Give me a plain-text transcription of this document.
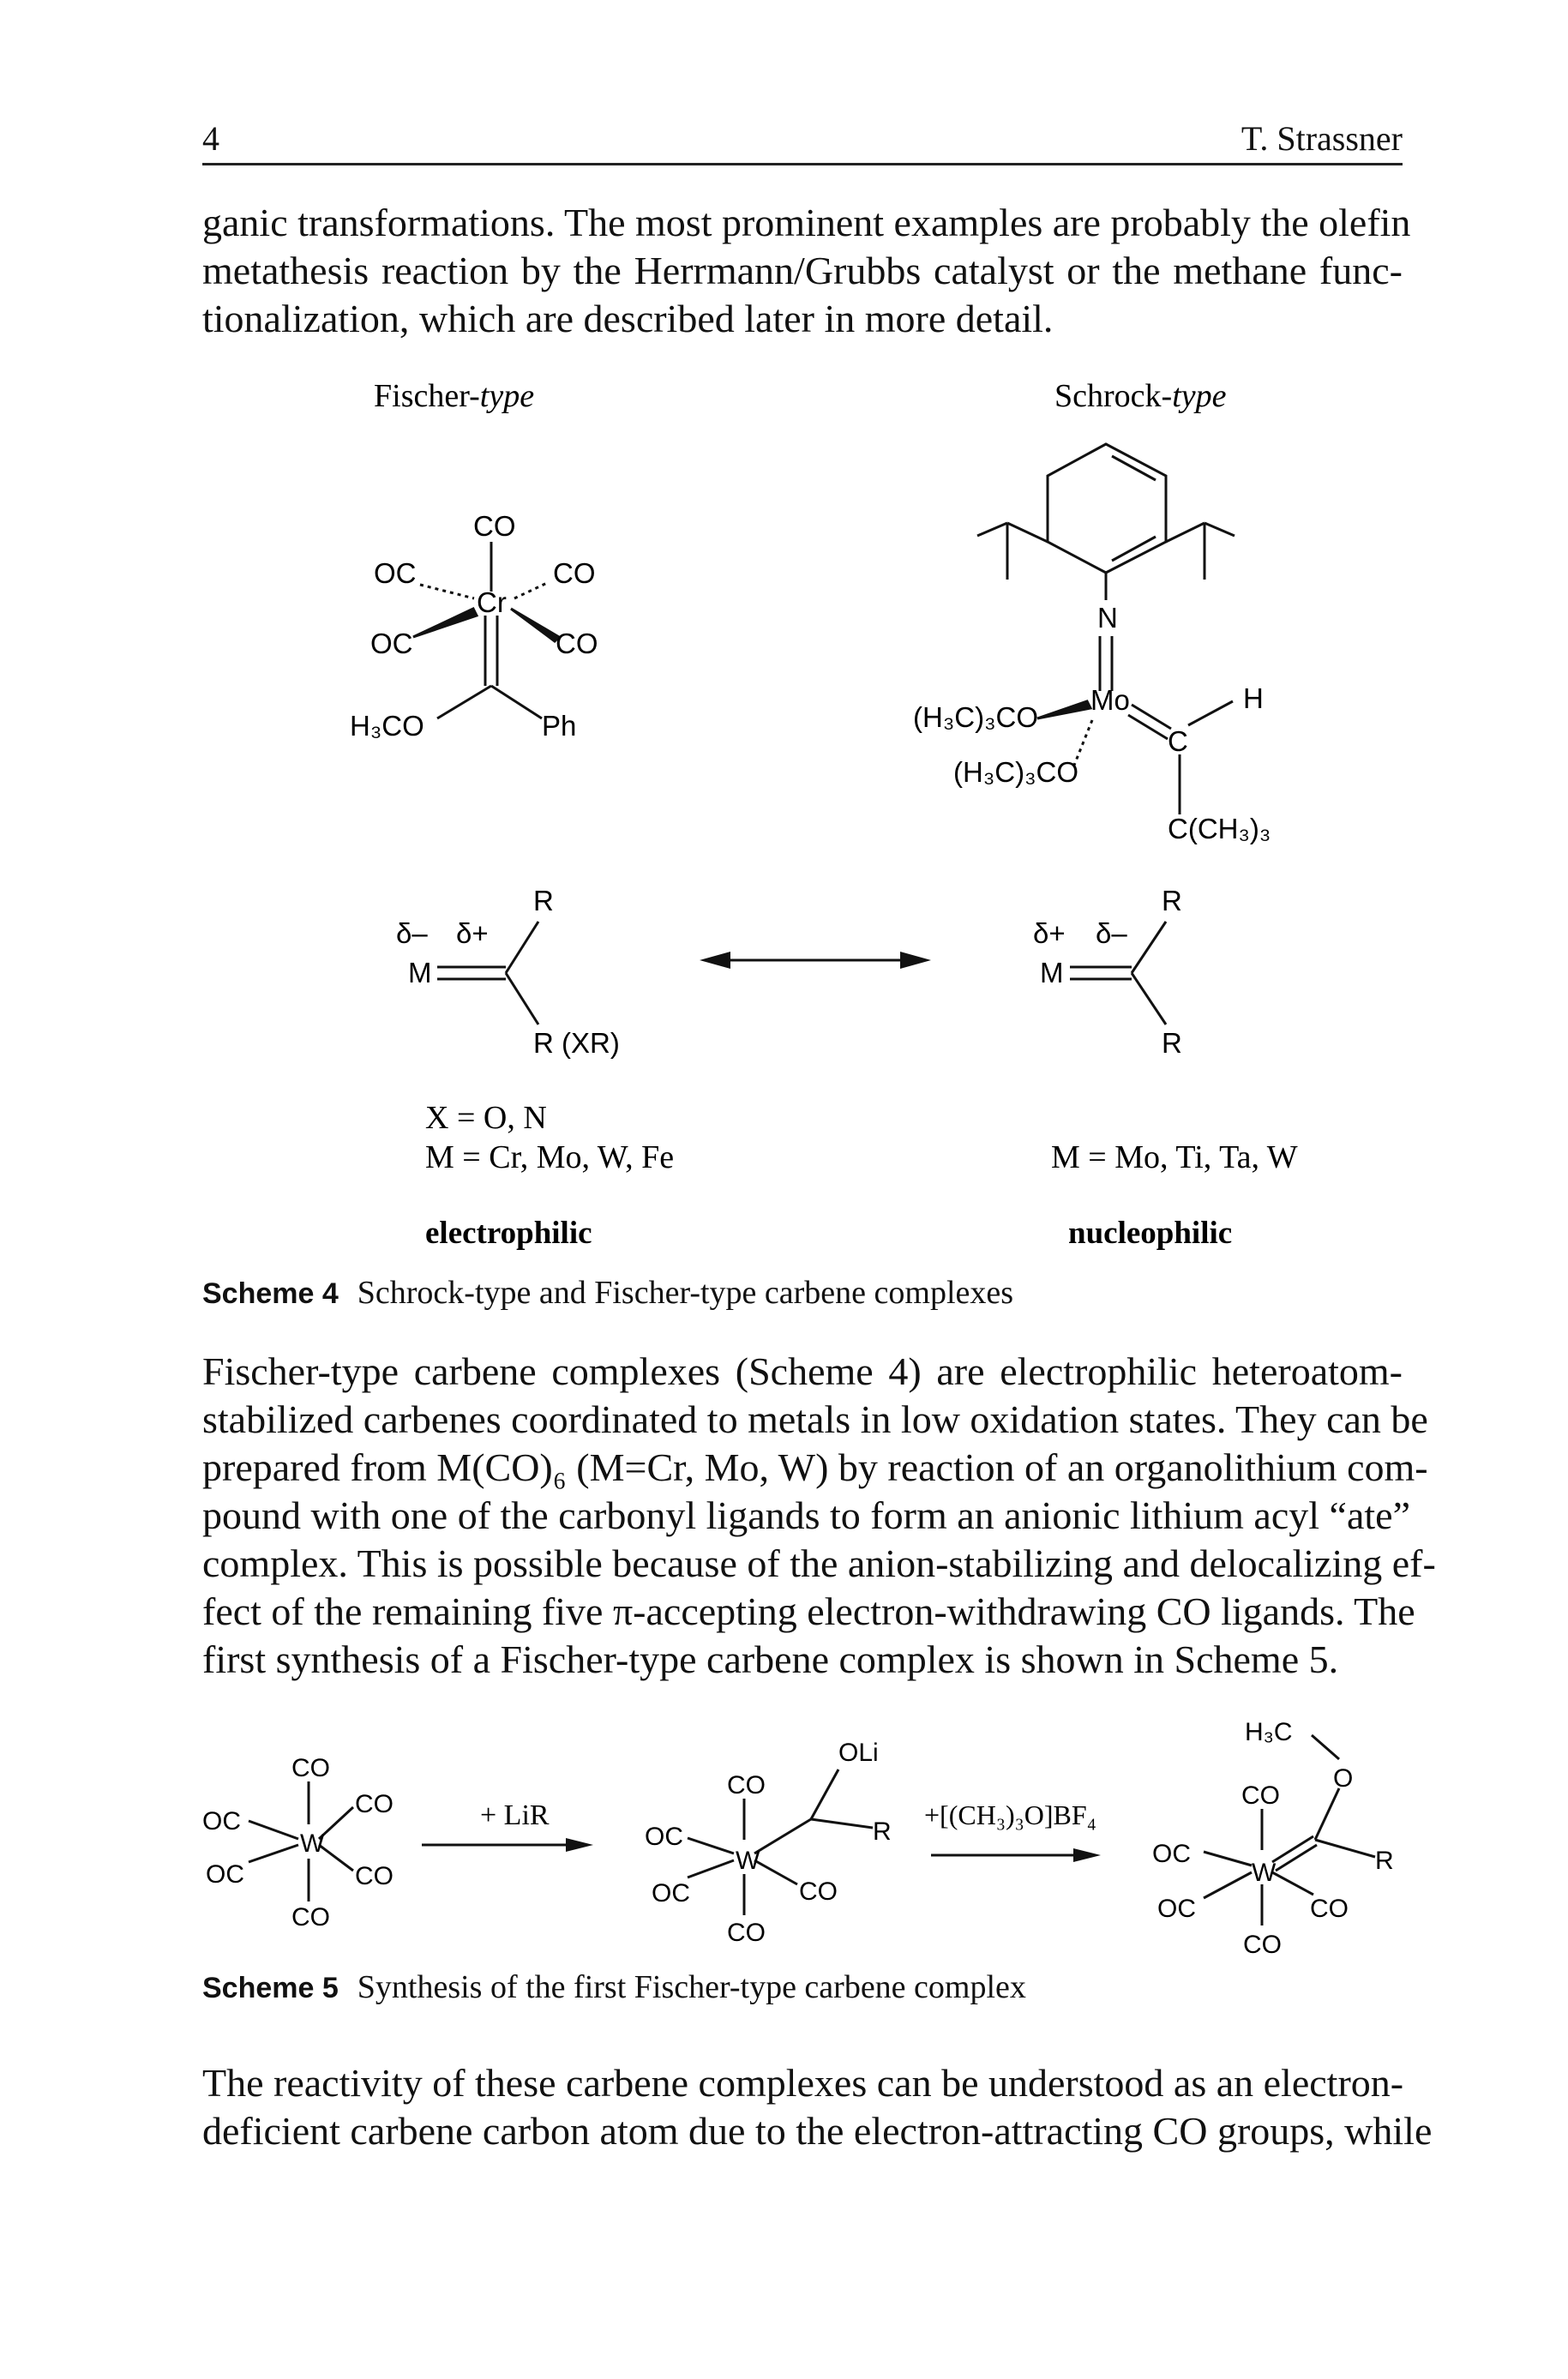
4	T. Strassner
ganic transformations. The most prominent examples are probably the olefin
metathesis reaction by the Herrmann/Grubbs catalyst or the methane func-
tionalization, which are described later in more detail.
Fischer-type	Schrock-type
CO
OC	CO
Cr
OC	CO
H₃CO	Ph
N
Mo
(H₃C)₃CO
(H₃C)₃CO
C
H
C(CH₃)₃
δ– δ+
M
R
R (XR)
δ+ δ–
M
R
R
X = O, N
M = Cr, Mo, W, Fe	M = Mo, Ti, Ta, W
electrophilic	nucleophilic
Scheme 4 Schrock-type and Fischer-type carbene complexes
Fischer-type carbene complexes (Scheme 4) are electrophilic heteroatom-
stabilized carbenes coordinated to metals in low oxidation states. They can be
prepared from M(CO)₆ (M=Cr, Mo, W) by reaction of an organolithium com-
pound with one of the carbonyl ligands to form an anionic lithium acyl “ate”
complex. This is possible because of the anion-stabilizing and delocalizing ef-
fect of the remaining five π-accepting electron-withdrawing CO ligands. The
first synthesis of a Fischer-type carbene complex is shown in Scheme 5.
CO
OC
CO
W
OC	CO
CO
+ LiR
CO
OLi
R
OC
W
OC	CO
CO
+[(CH₃)₃O]BF₄
H₃C
O
CO
R
OC
W
OC	CO
CO
Scheme 5 Synthesis of the first Fischer-type carbene complex
The reactivity of these carbene complexes can be understood as an electron-
deficient carbene carbon atom due to the electron-attracting CO groups, while
